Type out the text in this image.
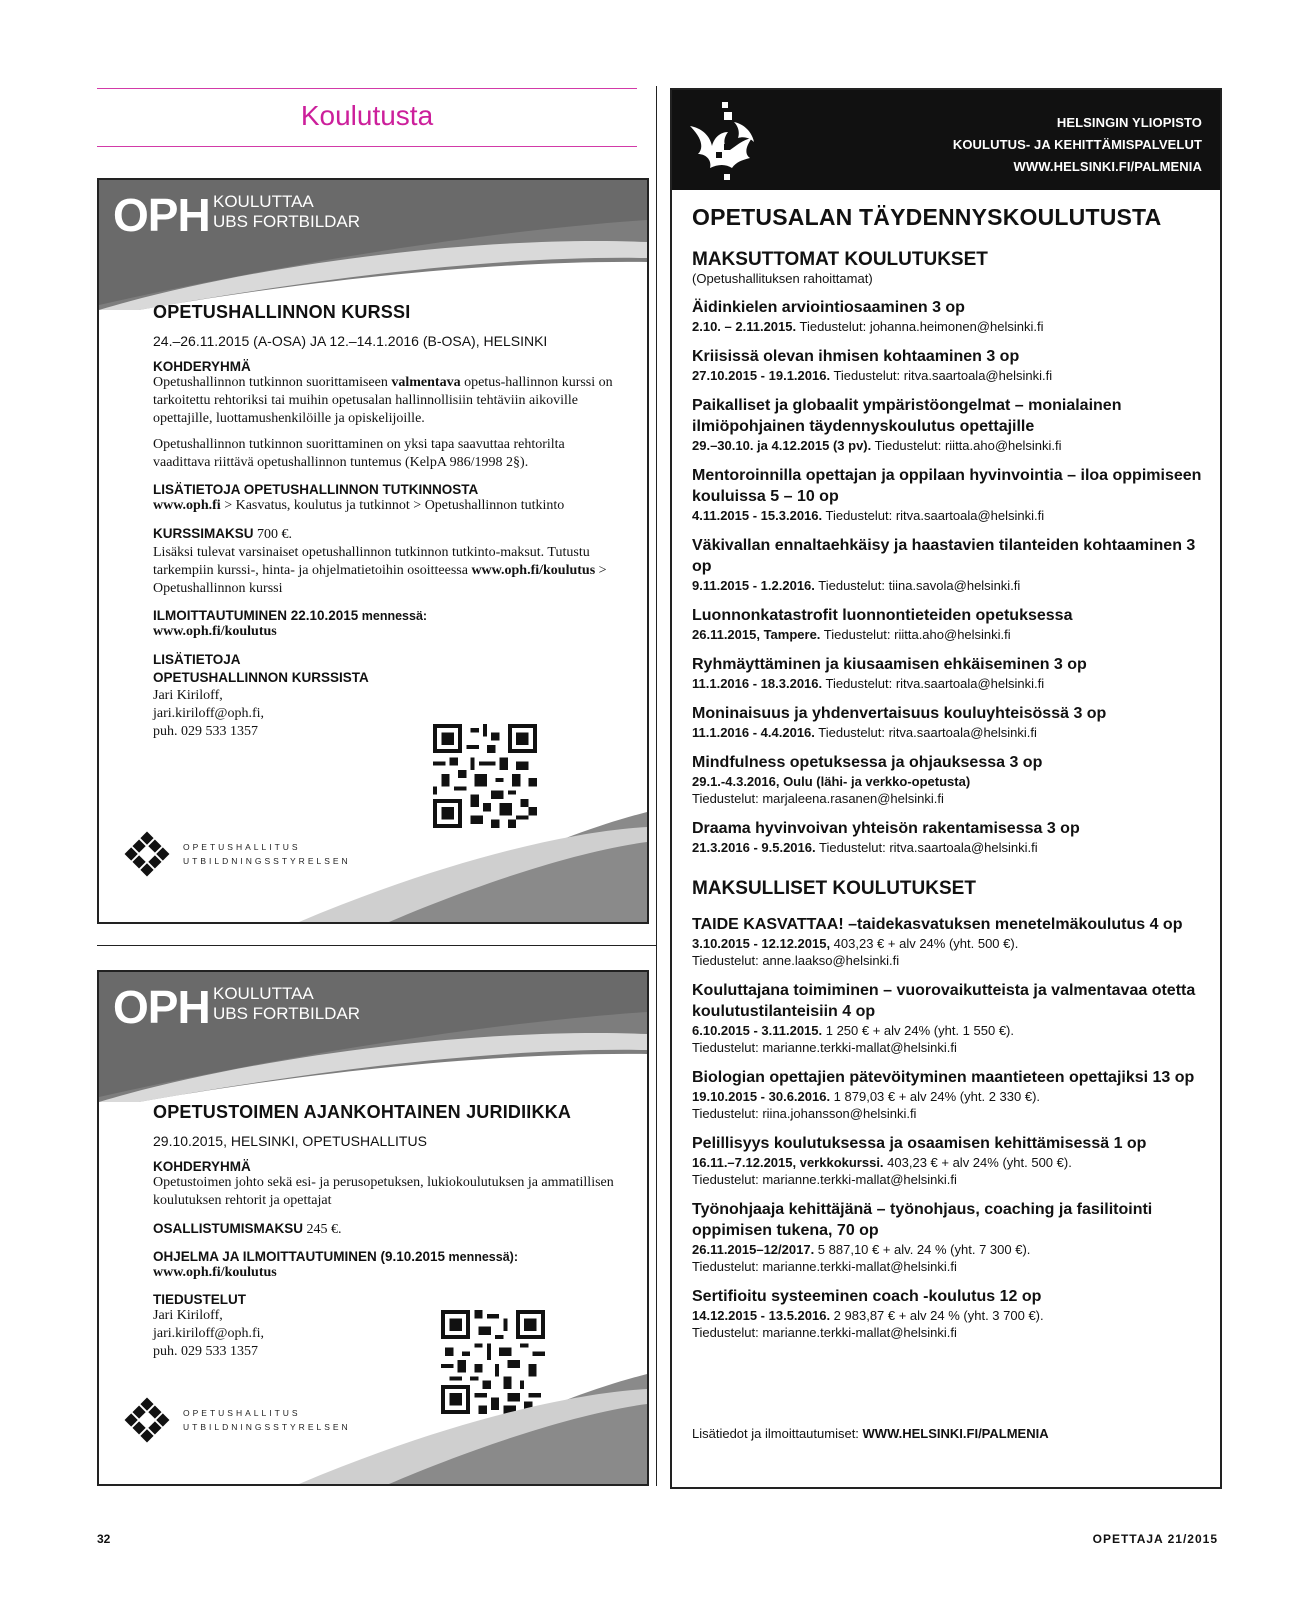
Koulutusta
OPH KOULUTTAA
UBS FORTBILDAR

OPETUSHALLINNON KURSSI

24.–26.11.2015 (A-OSA) JA 12.–14.1.2016 (B-OSA), HELSINKI

KOHDERYHMÄ

Opetushallinnon tutkinnon suorittamiseen valmentava opetus-hallinnon kurssi on tarkoitettu rehtoriksi tai muihin opetusalan hallinnollisiin tehtäviin aikoville opettajille, luottamushenkilöille ja opiskelijoille.

Opetushallinnon tutkinnon suorittaminen on yksi tapa saavuttaa rehtorilta vaadittava riittävä opetushallinnon tuntemus (KelpA 986/1998 2§).

LISÄTIETOJA OPETUSHALLINNON TUTKINNOSTA

www.oph.fi > Kasvatus, koulutus ja tutkinnot > Opetushallinnon tutkinto

KURSSIMAKSU 700 €.

Lisäksi tulevat varsinaiset opetushallinnon tutkinnon tutkinto-maksut. Tutustu tarkempiin kurssi-, hinta- ja ohjelmatietoihin osoitteessa www.oph.fi/koulutus > Opetushallinnon kurssi

ILMOITTAUTUMINEN 22.10.2015 mennessä:

www.oph.fi/koulutus

LISÄTIETOJA
OPETUSHALLINNON KURSSISTA

Jari Kiriloff,

jari.kiriloff@oph.fi,

puh. 029 533 1357

OPETUSHALLITUS
UTBILDNINGSSTYRELSEN
OPH KOULUTTAA
UBS FORTBILDAR

OPETUSTOIMEN AJANKOHTAINEN JURIDIIKKA

29.10.2015, HELSINKI, OPETUSHALLITUS

KOHDERYHMÄ

Opetustoimen johto sekä esi- ja perusopetuksen, lukiokoulutuksen ja ammatillisen koulutuksen rehtorit ja opettajat

OSALLISTUMISMAKSU 245 €.

OHJELMA JA ILMOITTAUTUMINEN (9.10.2015 mennessä):

www.oph.fi/koulutus

TIEDUSTELUT

Jari Kiriloff,

jari.kiriloff@oph.fi,

puh. 029 533 1357

OPETUSHALLITUS
UTBILDNINGSSTYRELSEN
HELSINGIN YLIOPISTO
KOULUTUS- JA KEHITTÄMISPALVELUT
WWW.HELSINKI.FI/PALMENIA

OPETUSALAN TÄYDENNYSKOULUTUSTA

MAKSUTTOMAT KOULUTUKSET

(Opetushallituksen rahoittamat)

Äidinkielen arviointiosaaminen 3 op

2.10. – 2.11.2015. Tiedustelut: johanna.heimonen@helsinki.fi

Kriisissä olevan ihmisen kohtaaminen 3 op

27.10.2015 - 19.1.2016. Tiedustelut: ritva.saartoala@helsinki.fi

Paikalliset ja globaalit ympäristöongelmat – monialainen ilmiöpohjainen täydennyskoulutus opettajille

29.–30.10. ja 4.12.2015 (3 pv). Tiedustelut: riitta.aho@helsinki.fi

Mentoroinnilla opettajan ja oppilaan hyvinvointia – iloa oppimiseen kouluissa 5 – 10 op

4.11.2015 - 15.3.2016. Tiedustelut: ritva.saartoala@helsinki.fi

Väkivallan ennaltaehkäisy ja haastavien tilanteiden kohtaaminen 3 op

9.11.2015 - 1.2.2016. Tiedustelut: tiina.savola@helsinki.fi

Luonnonkatastrofit luonnontieteiden opetuksessa

26.11.2015, Tampere. Tiedustelut: riitta.aho@helsinki.fi

Ryhmäyttäminen ja kiusaamisen ehkäiseminen 3 op

11.1.2016 - 18.3.2016. Tiedustelut: ritva.saartoala@helsinki.fi

Moninaisuus ja yhdenvertaisuus kouluyhteisössä 3 op

11.1.2016 - 4.4.2016. Tiedustelut: ritva.saartoala@helsinki.fi

Mindfulness opetuksessa ja ohjauksessa 3 op

29.1.-4.3.2016, Oulu (lähi- ja verkko-opetusta)

Tiedustelut: marjaleena.rasanen@helsinki.fi

Draama hyvinvoivan yhteisön rakentamisessa 3 op

21.3.2016 - 9.5.2016. Tiedustelut: ritva.saartoala@helsinki.fi

MAKSULLISET KOULUTUKSET

TAIDE KASVATTAA! –taidekasvatuksen menetelmäkoulutus 4 op

3.10.2015 - 12.12.2015, 403,23 € + alv 24% (yht. 500 €).

Tiedustelut: anne.laakso@helsinki.fi

Kouluttajana toimiminen – vuorovaikutteista ja valmentavaa otetta koulutustilanteisiin 4 op

6.10.2015 - 3.11.2015. 1 250 € + alv 24% (yht. 1 550 €).

Tiedustelut: marianne.terkki-mallat@helsinki.fi

Biologian opettajien pätevöityminen maantieteen opettajiksi 13 op

19.10.2015 - 30.6.2016. 1 879,03 € + alv 24% (yht. 2 330 €).

Tiedustelut: riina.johansson@helsinki.fi

Pelillisyys koulutuksessa ja osaamisen kehittämisessä 1 op

16.11.–7.12.2015, verkkokurssi. 403,23 € + alv 24% (yht. 500 €).

Tiedustelut: marianne.terkki-mallat@helsinki.fi

Työnohjaaja kehittäjänä – työnohjaus, coaching ja fasilitointi oppimisen tukena, 70 op

26.11.2015–12/2017. 5 887,10 € + alv. 24 % (yht. 7 300 €).

Tiedustelut: marianne.terkki-mallat@helsinki.fi

Sertifioitu systeeminen coach -koulutus 12 op

14.12.2015 - 13.5.2016. 2 983,87 € + alv 24 % (yht. 3 700 €).

Tiedustelut: marianne.terkki-mallat@helsinki.fi

Lisätiedot ja ilmoittautumiset: WWW.HELSINKI.FI/PALMENIA
32	OPETTAJA 21/2015
